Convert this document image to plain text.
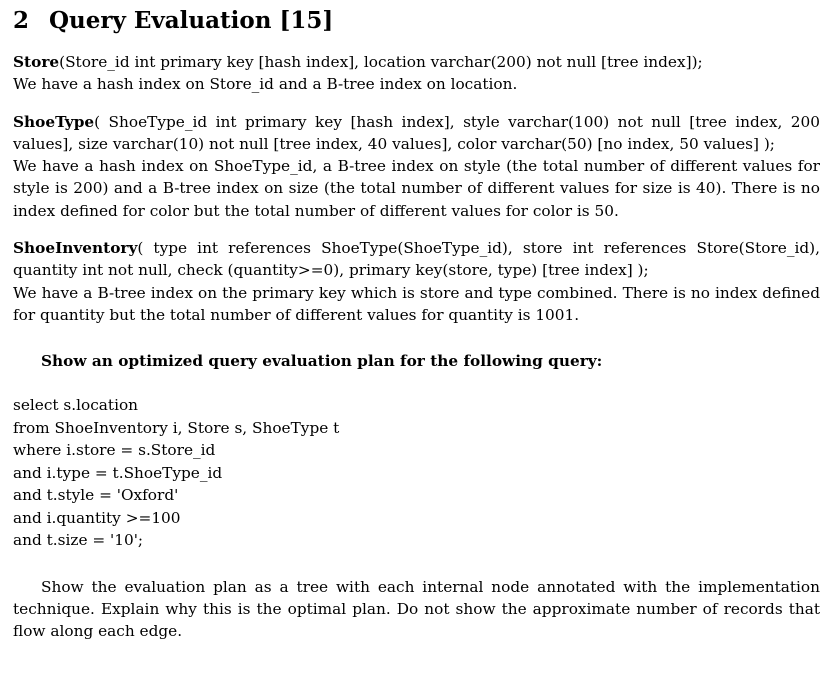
2 Query Evaluation [15]

Store(Store_id int primary key [hash index], location varchar(200) not null [tree index]);
We have a hash index on Store_id and a B-tree index on location.

ShoeType( ShoeType_id int primary key [hash index], style varchar(100) not null [tree index, 200 values], size varchar(10) not null [tree index, 40 values], color varchar(50) [no index, 50 values] );
We have a hash index on ShoeType_id, a B-tree index on style (the total number of different values for style is 200) and a B-tree index on size (the total number of different values for size is 40). There is no index defined for color but the total number of different values for color is 50.

ShoeInventory( type int references ShoeType(ShoeType_id), store int references Store(Store_id), quantity int not null, check (quantity>=0), primary key(store, type) [tree index] );
We have a B-tree index on the primary key which is store and type combined. There is no index defined for quantity but the total number of different values for quantity is 1001.

Show an optimized query evaluation plan for the following query:

select s.location
from ShoeInventory i, Store s, ShoeType t
where i.store = s.Store_id
and i.type = t.ShoeType_id
and t.style = 'Oxford'
and i.quantity >=100
and t.size = '10';

Show the evaluation plan as a tree with each internal node annotated with the implementation technique. Explain why this is the optimal plan. Do not show the approximate number of records that flow along each edge.
